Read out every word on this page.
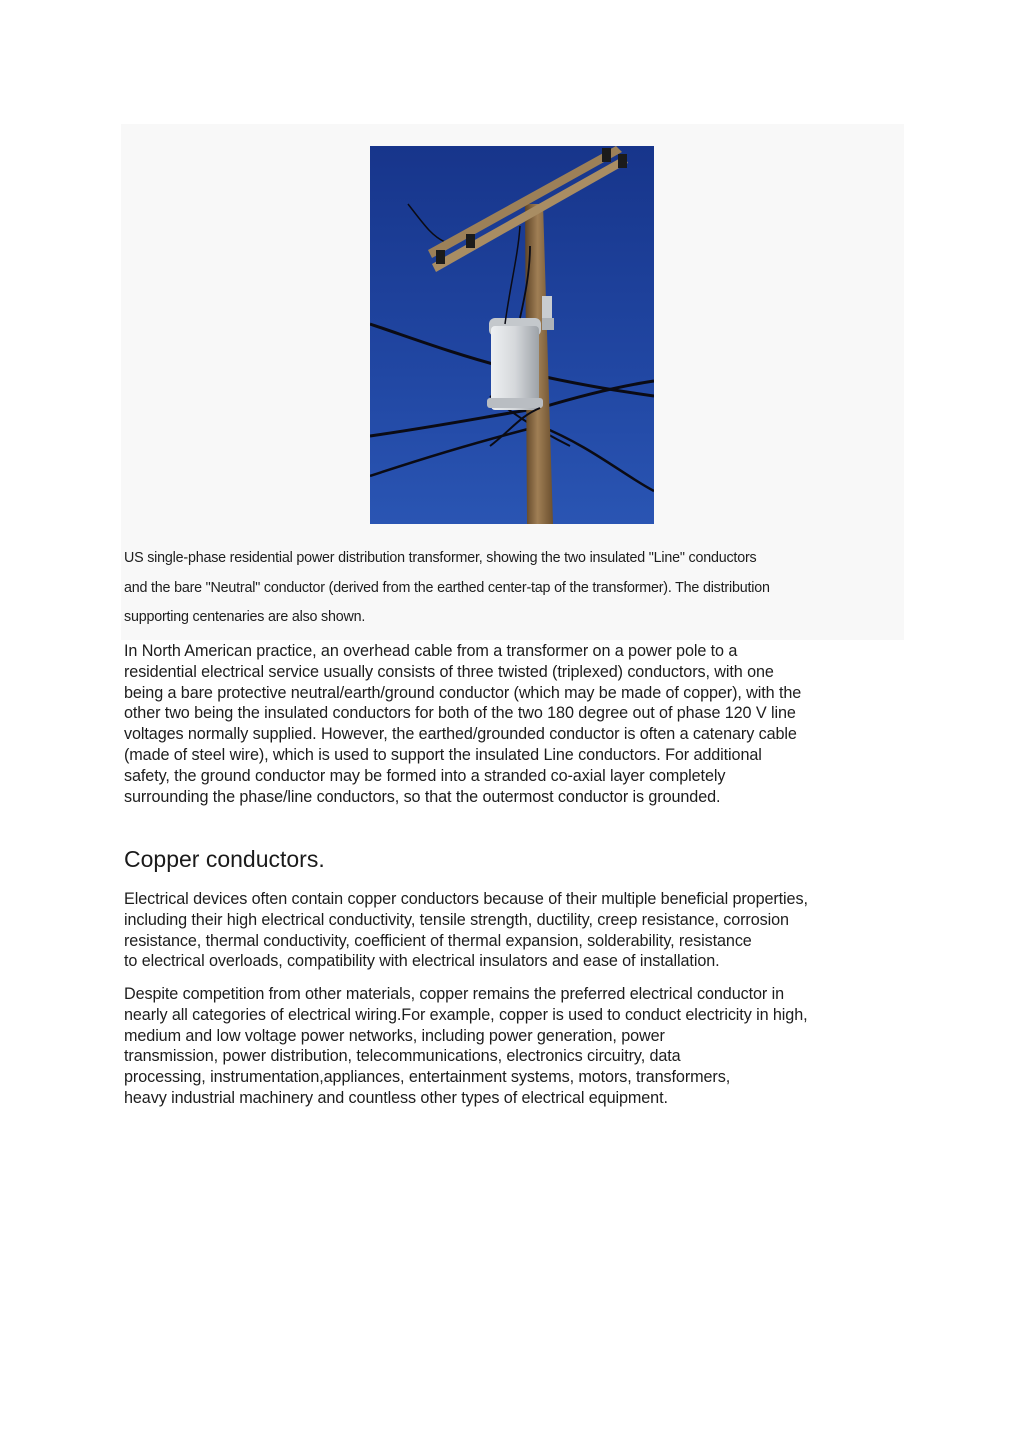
US single-phase residential power distribution transformer, showing the two insulated "Line" conductors

and the bare "Neutral" conductor (derived from the earthed center-tap of the transformer). The distribution

supporting centenaries are also shown.

In North American practice, an overhead cable from a transformer on a power pole to a

residential electrical service usually consists of three twisted (triplexed) conductors, with one

being a bare protective neutral/earth/ground conductor (which may be made of copper), with the

other two being the insulated conductors for both of the two 180 degree out of phase 120 V line

voltages normally supplied. However, the earthed/grounded conductor is often a catenary cable

(made of steel wire), which is used to support the insulated Line conductors. For additional

safety, the ground conductor may be formed into a stranded co-axial layer completely

surrounding the phase/line conductors, so that the outermost conductor is grounded.

Copper conductors.

Electrical devices often contain copper conductors because of their multiple beneficial properties,

including their high electrical conductivity, tensile strength, ductility, creep resistance, corrosion

resistance, thermal conductivity, coefficient of thermal expansion, solderability, resistance

to electrical overloads, compatibility with electrical insulators and ease of installation.

Despite competition from other materials, copper remains the preferred electrical conductor in

nearly all categories of electrical wiring.For example, copper is used to conduct electricity in high,

medium and low voltage power networks, including power generation, power

transmission, power distribution, telecommunications, electronics circuitry, data

processing, instrumentation,appliances, entertainment systems, motors, transformers,

heavy industrial machinery and countless other types of electrical equipment.
